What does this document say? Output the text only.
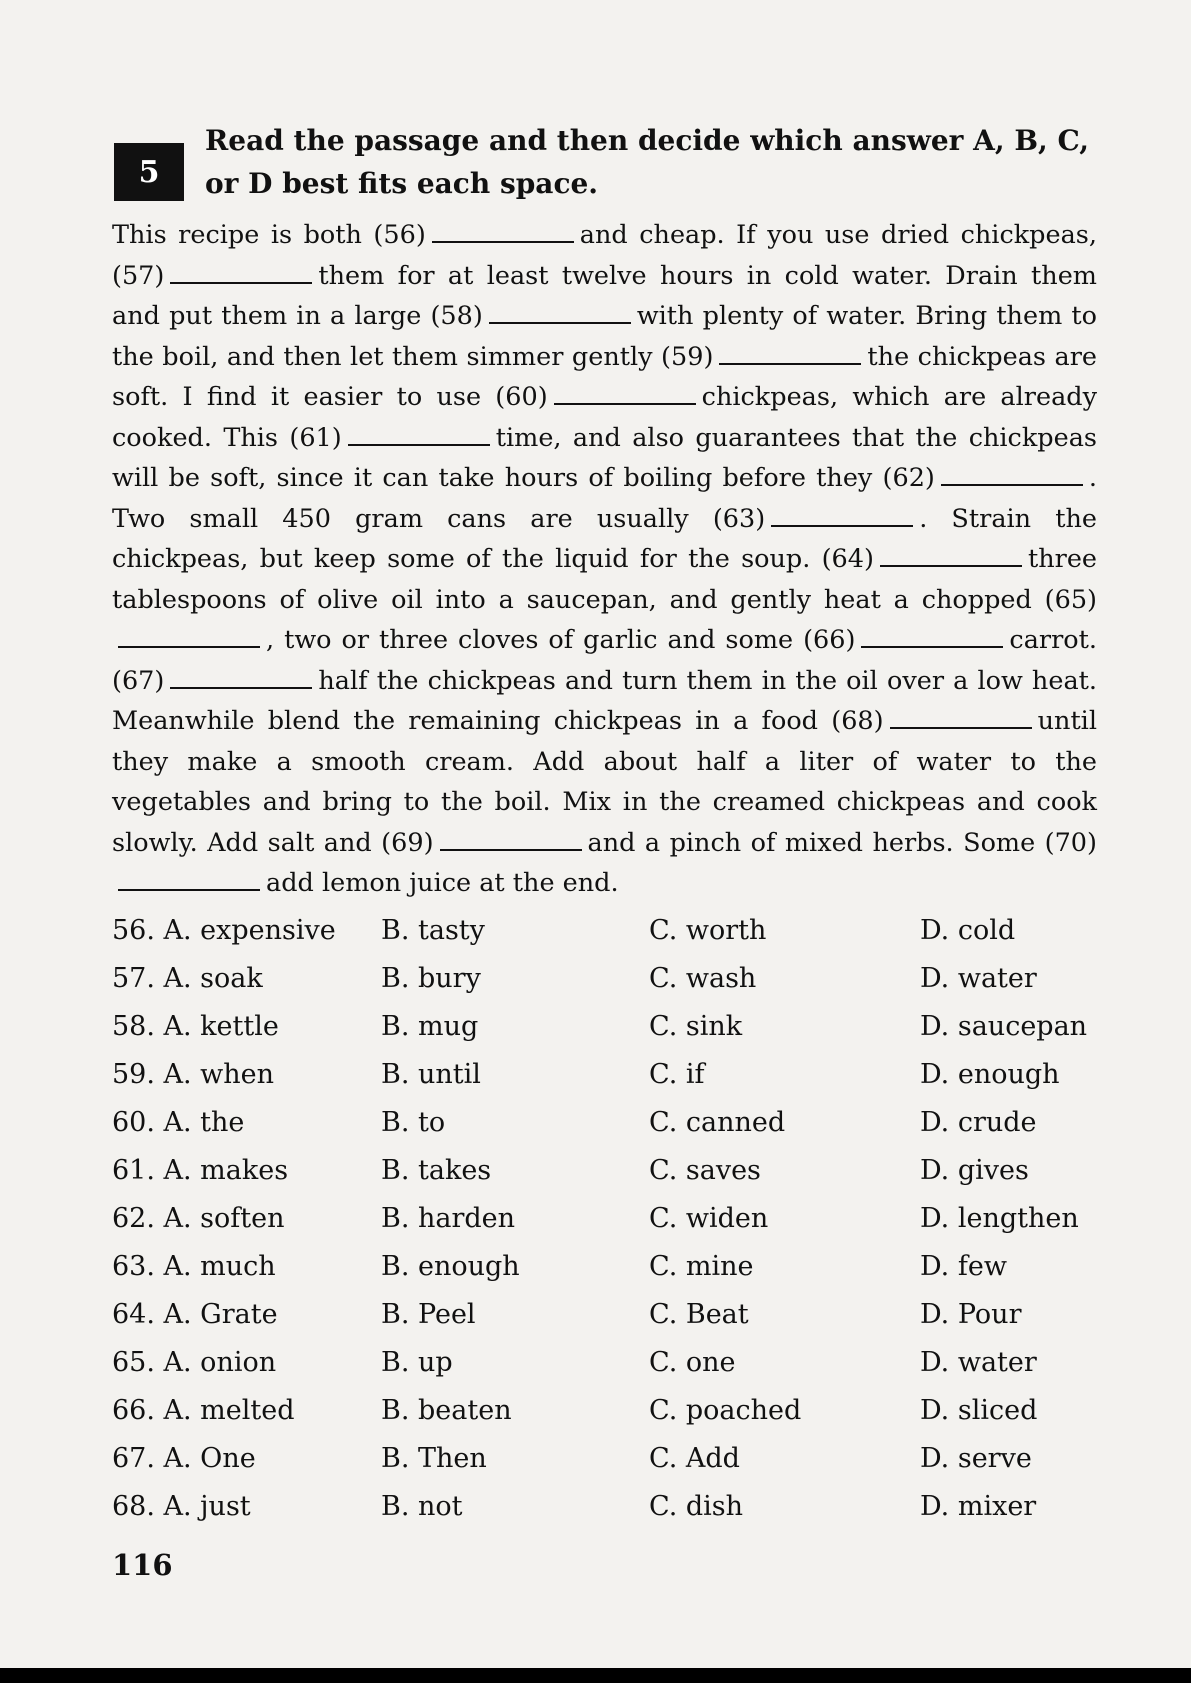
5

Read the passage and then decide which answer A, B, C, or D best fits each space.

This recipe is both (56)	and cheap. If you use dried chickpeas, (57)	them for at least twelve hours in cold water. Drain them and put them in a large (58)	with plenty of water. Bring them to the boil, and then let them simmer gently (59)	the chickpeas are soft. I find it easier to use (60)	chickpeas, which are already cooked. This (61)	time, and also guarantees that the chickpeas will be soft, since it can take hours of boiling before they (62)	. Two small 450 gram cans are usually (63)	. Strain the chickpeas, but keep some of the liquid for the soup. (64)	three tablespoons of olive oil into a saucepan, and gently heat a chopped (65), two or three cloves of garlic and some (66)	carrot. (67)	half the chickpeas and turn them in the oil over a low heat. Meanwhile blend the remaining chickpeas in a food (68)	until they make a smooth cream. Add about half a liter of water to the vegetables and bring to the boil. Mix in the creamed chickpeas and cook slowly. Add salt and (69)	and a pinch of mixed herbs. Some (70)add lemon juice at the end.

56. A. expensive B. tasty	C. worth	D. cold
57. A. soak	B. bury	C. wash	D. water
58. A. kettle	B. mug	C. sink	D. saucepan
59. A. when	B. until	C. if	D. enough
60. A. the	B. to	C. canned	D. crude
61. A. makes	B. takes	C. saves	D. gives
62. A. soften	B. harden	C. widen	D. lengthen
63. A. much	B. enough	C. mine	D. few
64. A. Grate	B. Peel	C. Beat	D. Pour
65. A. onion	B. up	C. one	D. water
66. A. melted	B. beaten	C. poached	D. sliced
67. A. One	B. Then	C. Add	D. serve
68. A. just	B. not	C. dish	D. mixer
116
